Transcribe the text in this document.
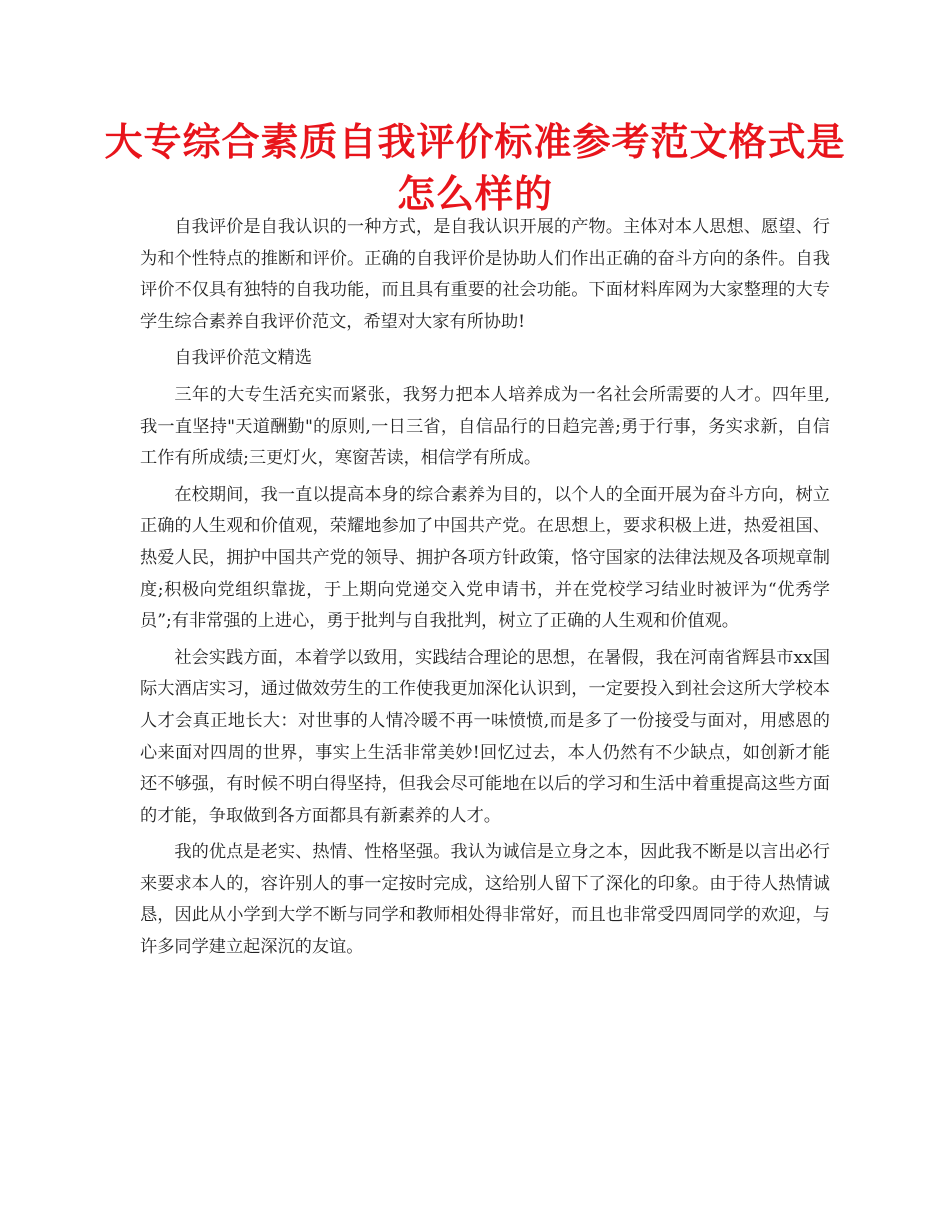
大专综合素质自我评价标准参考范文格式是怎么样的

自我评价是自我认识的一种方式，是自我认识开展的产物。主体对本人思想、愿望、行为和个性特点的推断和评价。正确的自我评价是协助人们作出正确的奋斗方向的条件。自我评价不仅具有独特的自我功能，而且具有重要的社会功能。下面材料库网为大家整理的大专学生综合素养自我评价范文，希望对大家有所协助!

自我评价范文精选

三年的大专生活充实而紧张，我努力把本人培养成为一名社会所需要的人才。四年里,我一直坚持"天道酬勤"的原则,一日三省，自信品行的日趋完善;勇于行事，务实求新，自信工作有所成绩;三更灯火，寒窗苦读，相信学有所成。

在校期间，我一直以提高本身的综合素养为目的，以个人的全面开展为奋斗方向，树立正确的人生观和价值观，荣耀地参加了中国共产党。在思想上，要求积极上进，热爱祖国、热爱人民，拥护中国共产党的领导、拥护各项方针政策，恪守国家的法律法规及各项规章制度;积极向党组织靠拢，于上期向党递交入党申请书，并在党校学习结业时被评为“优秀学员”;有非常强的上进心，勇于批判与自我批判，树立了正确的人生观和价值观。

社会实践方面，本着学以致用，实践结合理论的思想，在暑假，我在河南省辉县市xx国际大酒店实习，通过做效劳生的工作使我更加深化认识到，一定要投入到社会这所大学校本人才会真正地长大：对世事的人情冷暖不再一味愤愤,而是多了一份接受与面对，用感恩的心来面对四周的世界，事实上生活非常美妙!回忆过去，本人仍然有不少缺点，如创新才能还不够强，有时候不明白得坚持，但我会尽可能地在以后的学习和生活中着重提高这些方面的才能，争取做到各方面都具有新素养的人才。

我的优点是老实、热情、性格坚强。我认为诚信是立身之本，因此我不断是以言出必行来要求本人的，容许别人的事一定按时完成，这给别人留下了深化的印象。由于待人热情诚恳，因此从小学到大学不断与同学和教师相处得非常好，而且也非常受四周同学的欢迎，与许多同学建立起深沉的友谊。
